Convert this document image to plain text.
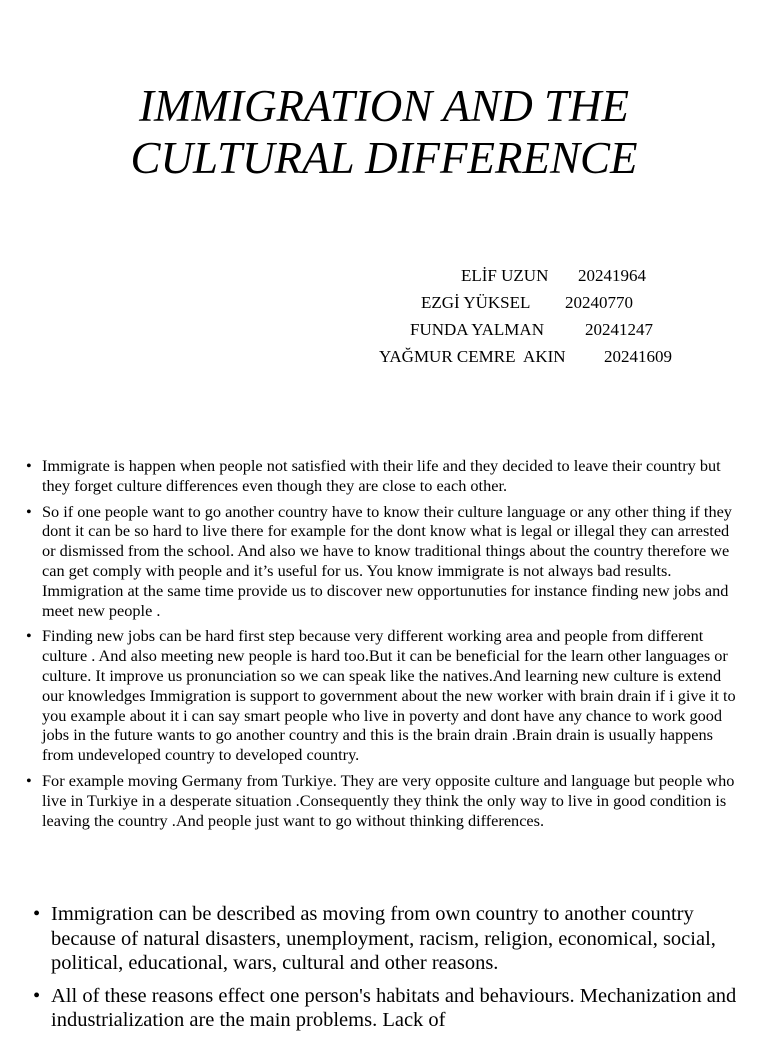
IMMIGRATION AND THE
CULTURAL DIFFERENCE
ELİF UZUN 20241964
EZGİ YÜKSEL 20240770
FUNDA YALMAN 20241247
YAĞMUR CEMRE  AKIN 20241609
• Immigrate is happen when people not satisfied with their life and they decided to leave their country but they forget culture differences even though they are close to each other.
• So if one people want to go another country have to know their culture language or any other thing if they dont it can be so hard to live there for example for the dont know what is legal or illegal they can arrested or dismissed from the school. And also we have to know traditional things about the country therefore we can get comply with people and it’s useful for us. You know immigrate is not always bad results. Immigration at the same time provide us to discover new opportunuties for instance finding new jobs and meet new people .
• Finding new jobs can be hard first step because very different working area and people from different culture . And also meeting new people is hard too.But it can be beneficial for the learn other languages or culture. It improve us pronunciation so we can speak like the natives.And learning new culture is extend our knowledges Immigration is support to government about the new worker with brain drain if i give it to you example about it i can say smart people who live in poverty and dont have any chance to work good jobs in the future wants to go another country and this is the brain drain .Brain drain is usually happens from undeveloped country to developed country.
• For example moving Germany from Turkiye. They are very opposite culture and language but people who live in Turkiye in a desperate situation .Consequently they think the only way to live in good condition is leaving the country .And people just want to go without thinking differences.
• Immigration can be described as moving from own country to another country because of natural disasters, unemployment, racism, religion, economical, social, political, educational, wars, cultural and other reasons.
• All of these reasons effect one person's habitats and behaviours. Mechanization and industrialization are the main problems. Lack of
